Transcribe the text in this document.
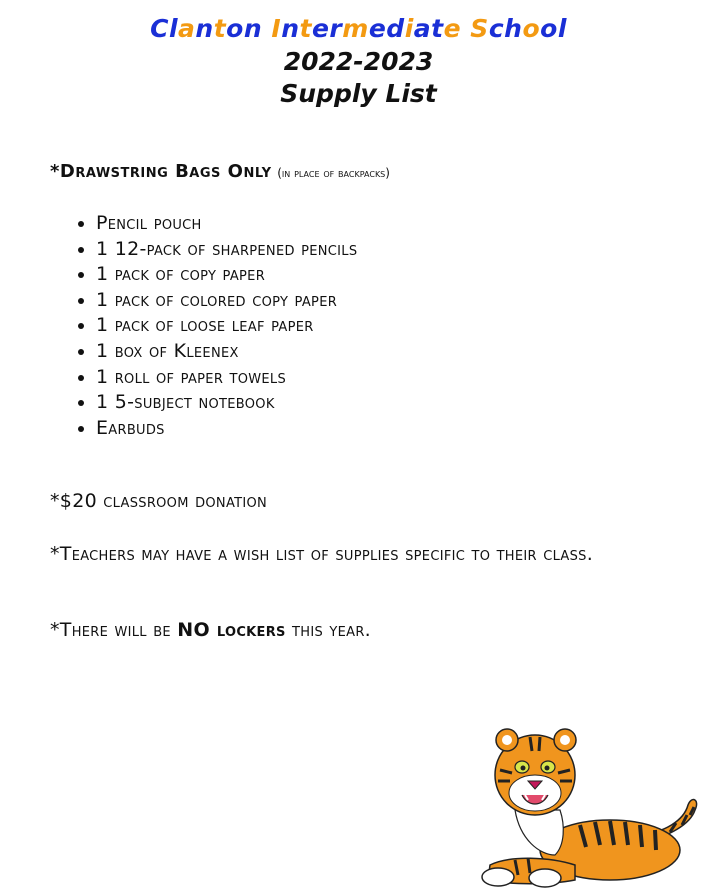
Clanton Intermediate School
2022-2023
Supply List

*Drawstring Bags Only (in place of backpacks)

• Pencil pouch
• 1 12-pack of sharpened pencils
• 1 pack of copy paper
• 1 pack of colored copy paper
• 1 pack of loose leaf paper
• 1 box of Kleenex
• 1 roll of paper towels
• 1 5-subject notebook
• Earbuds

*$20 classroom donation

*Teachers may have a wish list of supplies specific to their class.

*There will be NO lockers this year.
